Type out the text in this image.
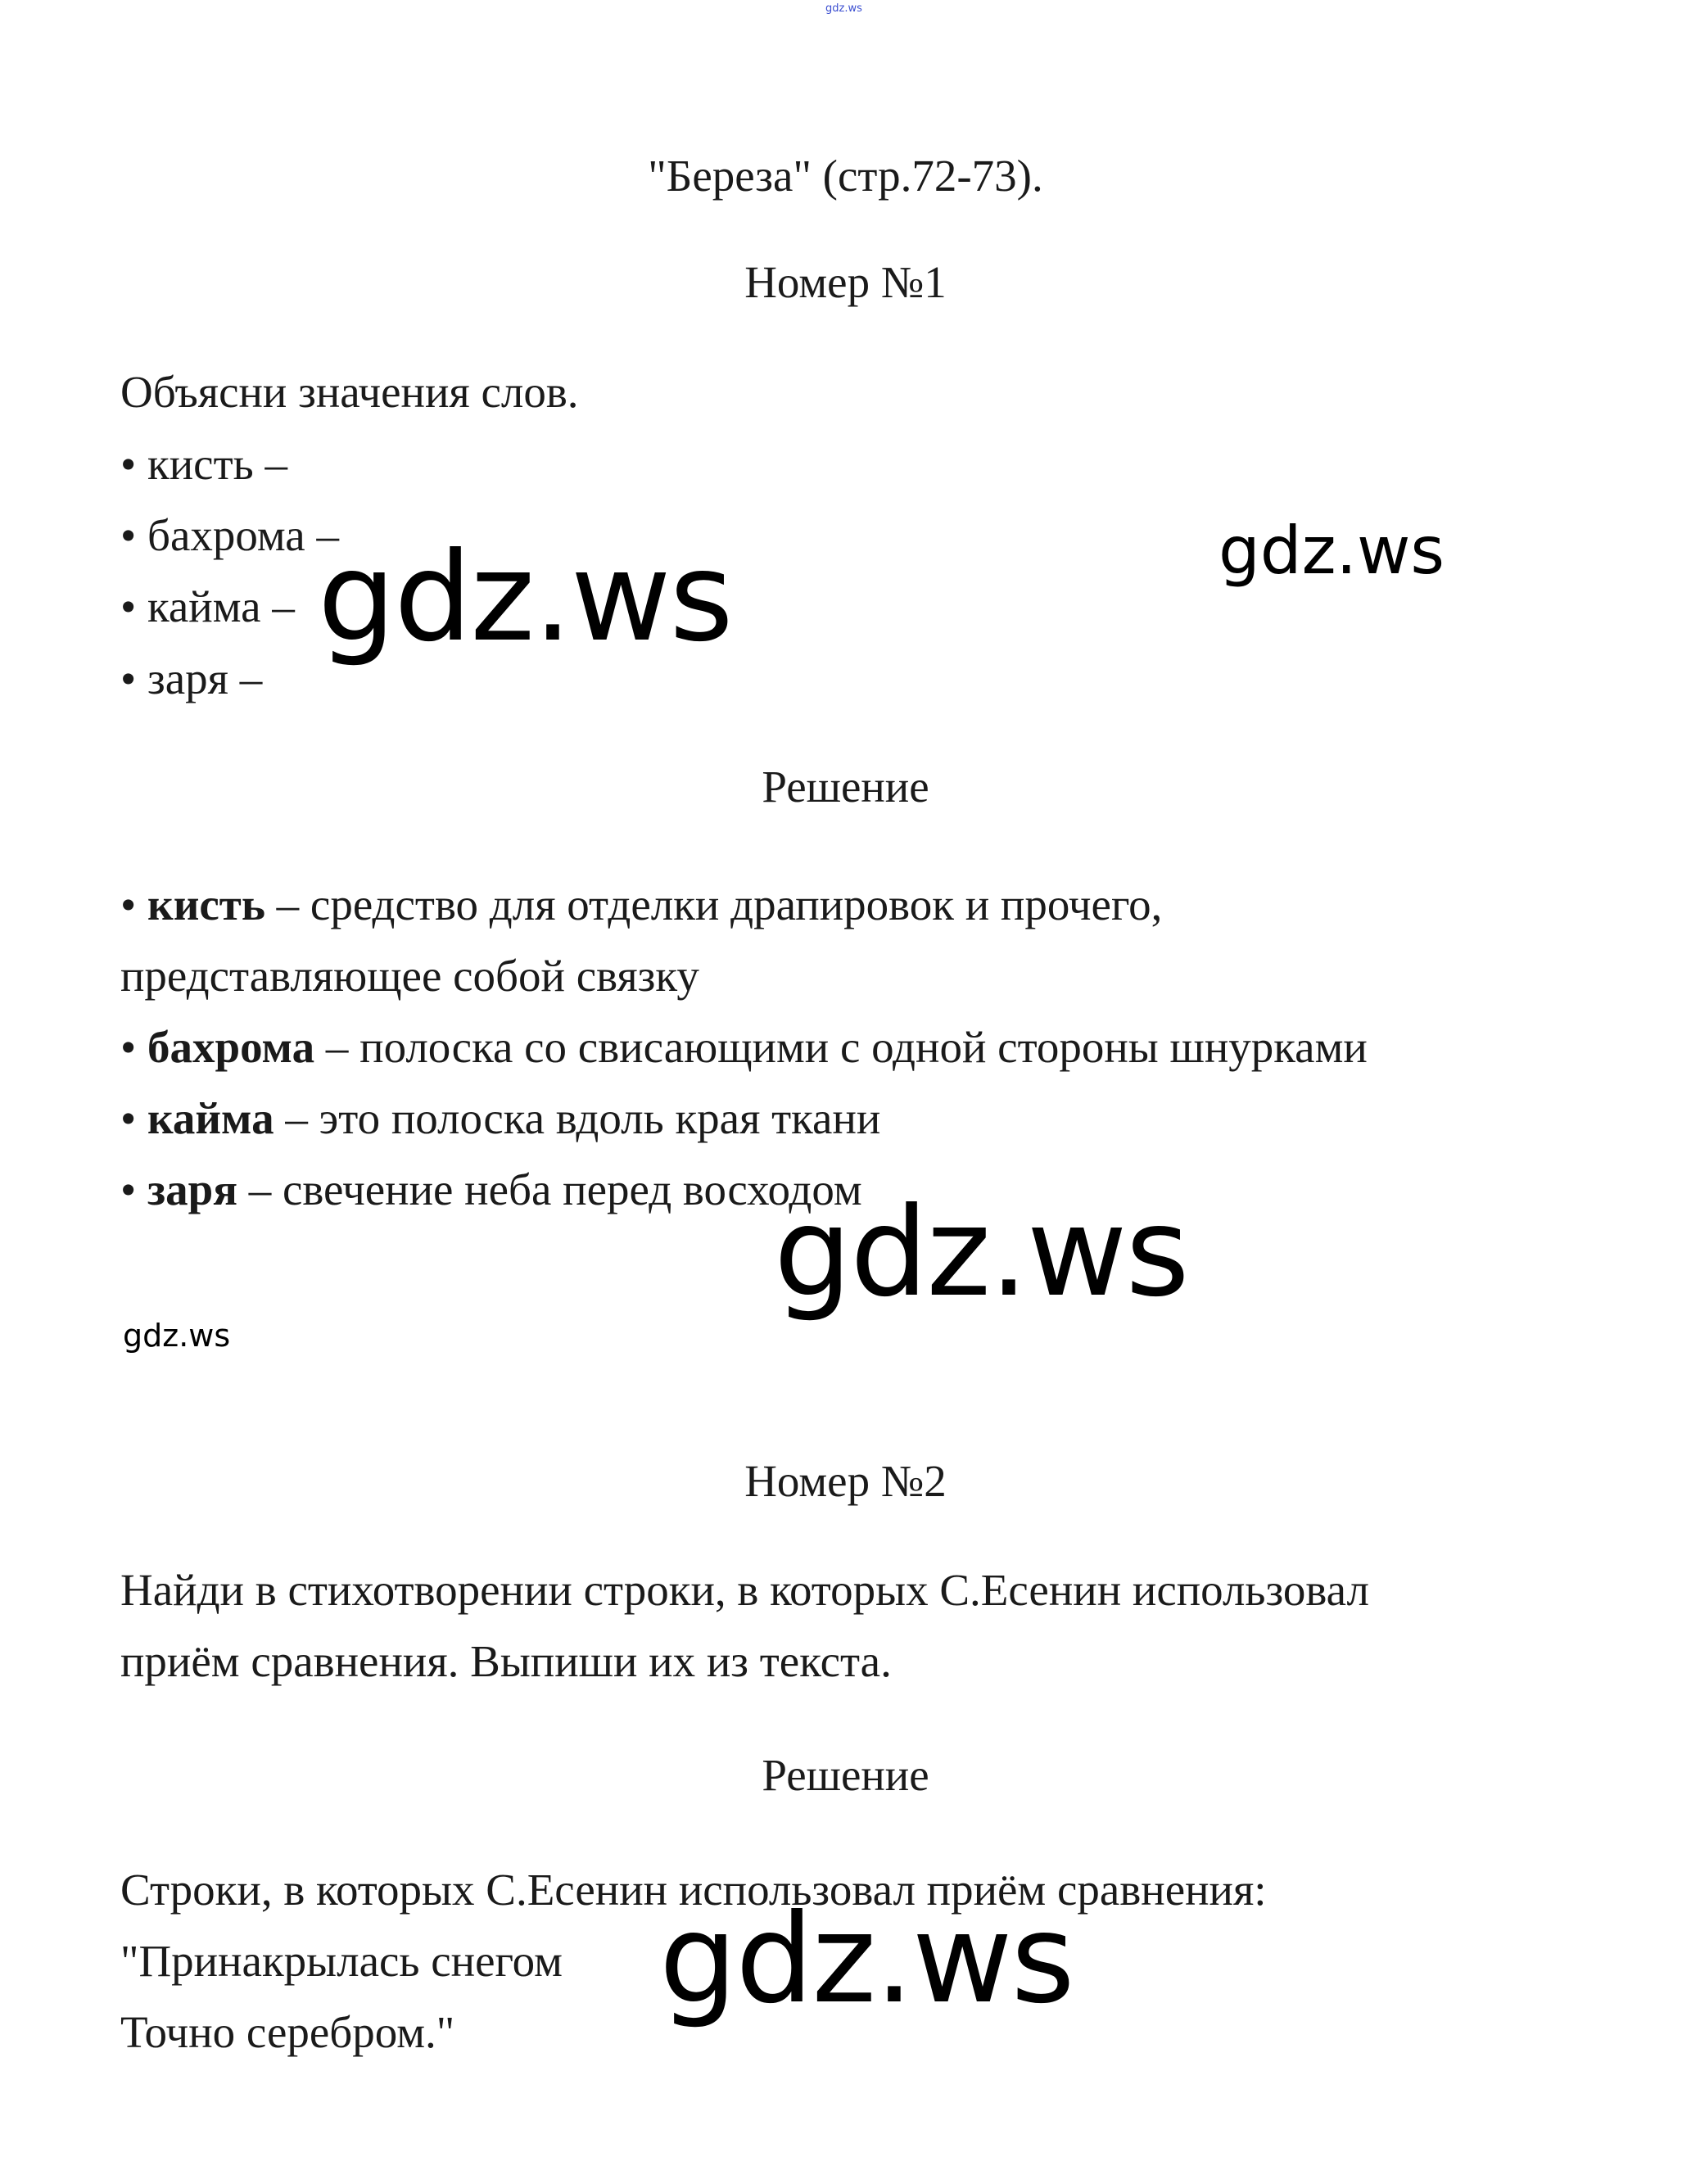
gdz.ws
"Береза" (стр.72-73).
Номер №1
Объясни значения слов.
• кисть –
• бахрома –
• кайма –
• заря –
Решение
• кисть – средство для отделки драпировок и прочего,
представляющее собой связку
• бахрома – полоска со свисающими с одной стороны шнурками
• кайма – это полоска вдоль края ткани
• заря – свечение неба перед восходом
Номер №2
Найди в стихотворении строки, в которых С.Есенин использовал
приём сравнения. Выпиши их из текста.
Решение
Строки, в которых С.Есенин использовал приём сравнения:
"Принакрылась снегом
Точно серебром."
gdz.ws	gdz.ws
gdz.ws
gdz.ws
gdz.ws
